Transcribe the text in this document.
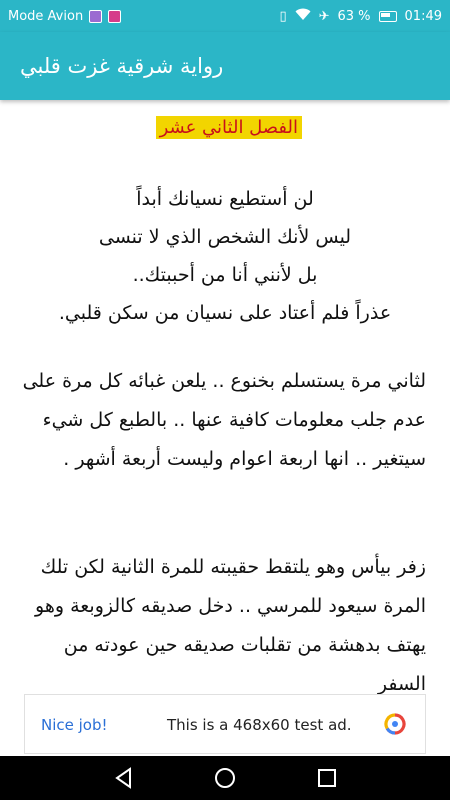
Mode Avion	▯ ✈ 63 %	01:49
رواية شرقية غزت قلبي
الفصل الثاني عشر
لن أستطيع نسيانك أبداً
ليس لأنك الشخص الذي لا تنسى
بل لأنني أنا من أحببتك..
عذراً فلم أعتاد على نسيان من سكن قلبي.
لثاني مرة يستسلم بخنوع .. يلعن غبائه كل مرة على عدم جلب معلومات كافية عنها .. بالطبع كل شيء سيتغير .. انها اربعة اعوام وليست أربعة أشهر .
زفر بيأس وهو يلتقط حقيبته للمرة الثانية لكن تلك المرة سيعود للمرسي .. دخل صديقه كالزوبعة وهو يهتف بدهشة من تقلبات صديقه حين عودته من السفر
Nice job!	This is a 468x60 test ad.
